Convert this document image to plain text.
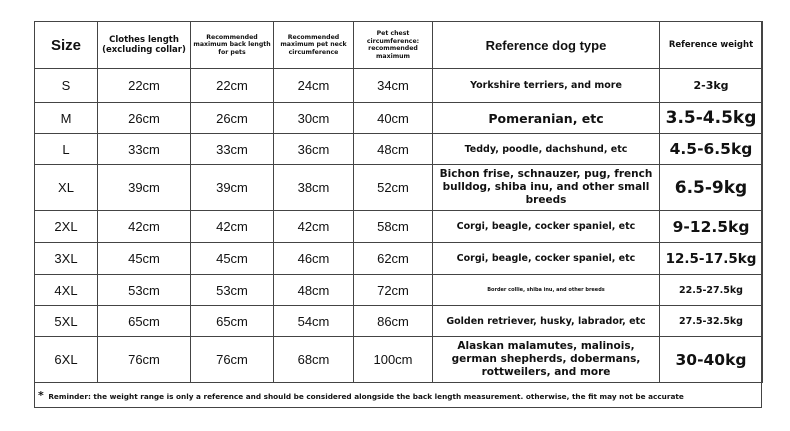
Size	Clothes length (excluding collar)	Recommended maximum back length for pets	Recommended maximum pet neck circumference	Pet chest circumference: recommended maximum	Reference dog type	Reference weight
S	22cm	22cm	24cm	34cm	Yorkshire terriers, and more	2-3kg
M	26cm	26cm	30cm	40cm	Pomeranian, etc	3.5-4.5kg
L	33cm	33cm	36cm	48cm	Teddy, poodle, dachshund, etc	4.5-6.5kg
XL	39cm	39cm	38cm	52cm	Bichon frise, schnauzer, pug, french bulldog, shiba inu, and other small breeds	6.5-9kg
2XL	42cm	42cm	42cm	58cm	Corgi, beagle, cocker spaniel, etc	9-12.5kg
3XL	45cm	45cm	46cm	62cm	Corgi, beagle, cocker spaniel, etc	12.5-17.5kg
4XL	53cm	53cm	48cm	72cm	Border collie, shiba inu, and other breeds	22.5-27.5kg
5XL	65cm	65cm	54cm	86cm	Golden retriever, husky, labrador, etc	27.5-32.5kg
6XL	76cm	76cm	68cm	100cm	Alaskan malamutes, malinois, german shepherds, dobermans, rottweilers, and more	30-40kg
* Reminder: the weight range is only a reference and should be considered alongside the back length measurement. otherwise, the fit may not be accurate
